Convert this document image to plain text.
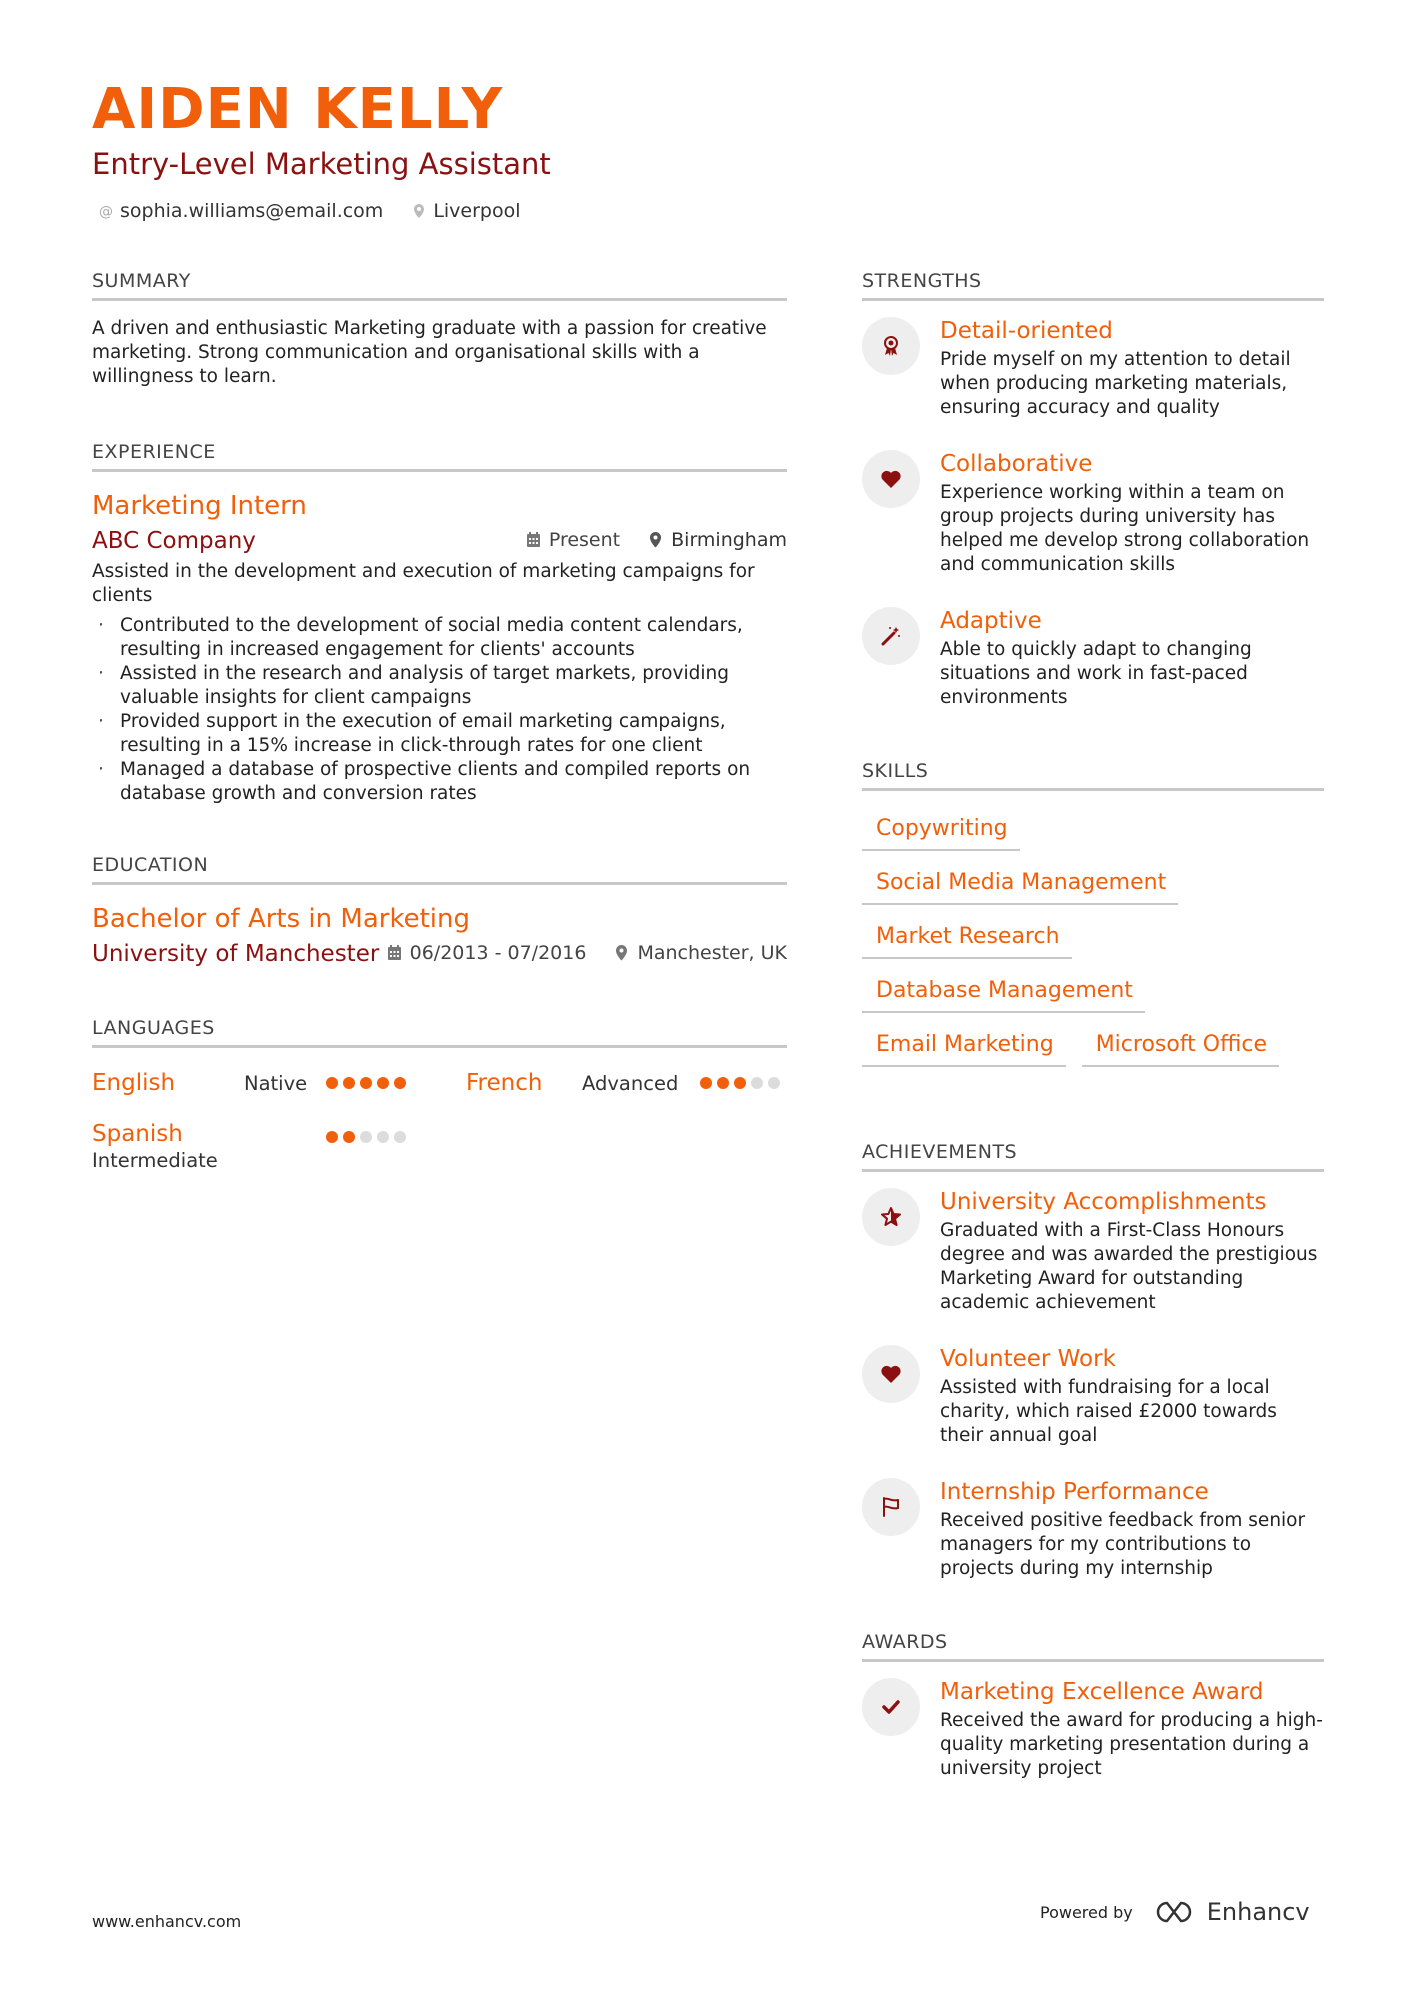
AIDEN KELLY
Entry-Level Marketing Assistant
@ sophia.williams@email.com	Liverpool
SUMMARY
A driven and enthusiastic Marketing graduate with a passion for creative marketing. Strong communication and organisational skills with a willingness to learn.
EXPERIENCE
Marketing Intern
ABC Company	Present	Birmingham
Assisted in the development and execution of marketing campaigns for clients
· Contributed to the development of social media content calendars, resulting in increased engagement for clients' accounts
· Assisted in the research and analysis of target markets, providing valuable insights for client campaigns
· Provided support in the execution of email marketing campaigns, resulting in a 15% increase in click-through rates for one client
· Managed a database of prospective clients and compiled reports on database growth and conversion rates
EDUCATION
Bachelor of Arts in Marketing
University of Manchester 06/2013 - 07/2016	Manchester, UK
LANGUAGES
English	Native	French	Advanced
Spanish
Intermediate
STRENGTHS
Detail-oriented
Pride myself on my attention to detail when producing marketing materials, ensuring accuracy and quality
Collaborative
Experience working within a team on group projects during university has helped me develop strong collaboration and communication skills
Adaptive
Able to quickly adapt to changing situations and work in fast-paced environments
SKILLS
Copywriting
Social Media Management
Market Research
Database Management
Email Marketing	Microsoft Office
ACHIEVEMENTS
University Accomplishments
Graduated with a First-Class Honours degree and was awarded the prestigious Marketing Award for outstanding academic achievement
Volunteer Work
Assisted with fundraising for a local charity, which raised £2000 towards their annual goal
Internship Performance
Received positive feedback from senior managers for my contributions to projects during my internship
AWARDS
Marketing Excellence Award
Received the award for producing a high-quality marketing presentation during a university project
www.enhancv.com	Powered by	Enhancv
